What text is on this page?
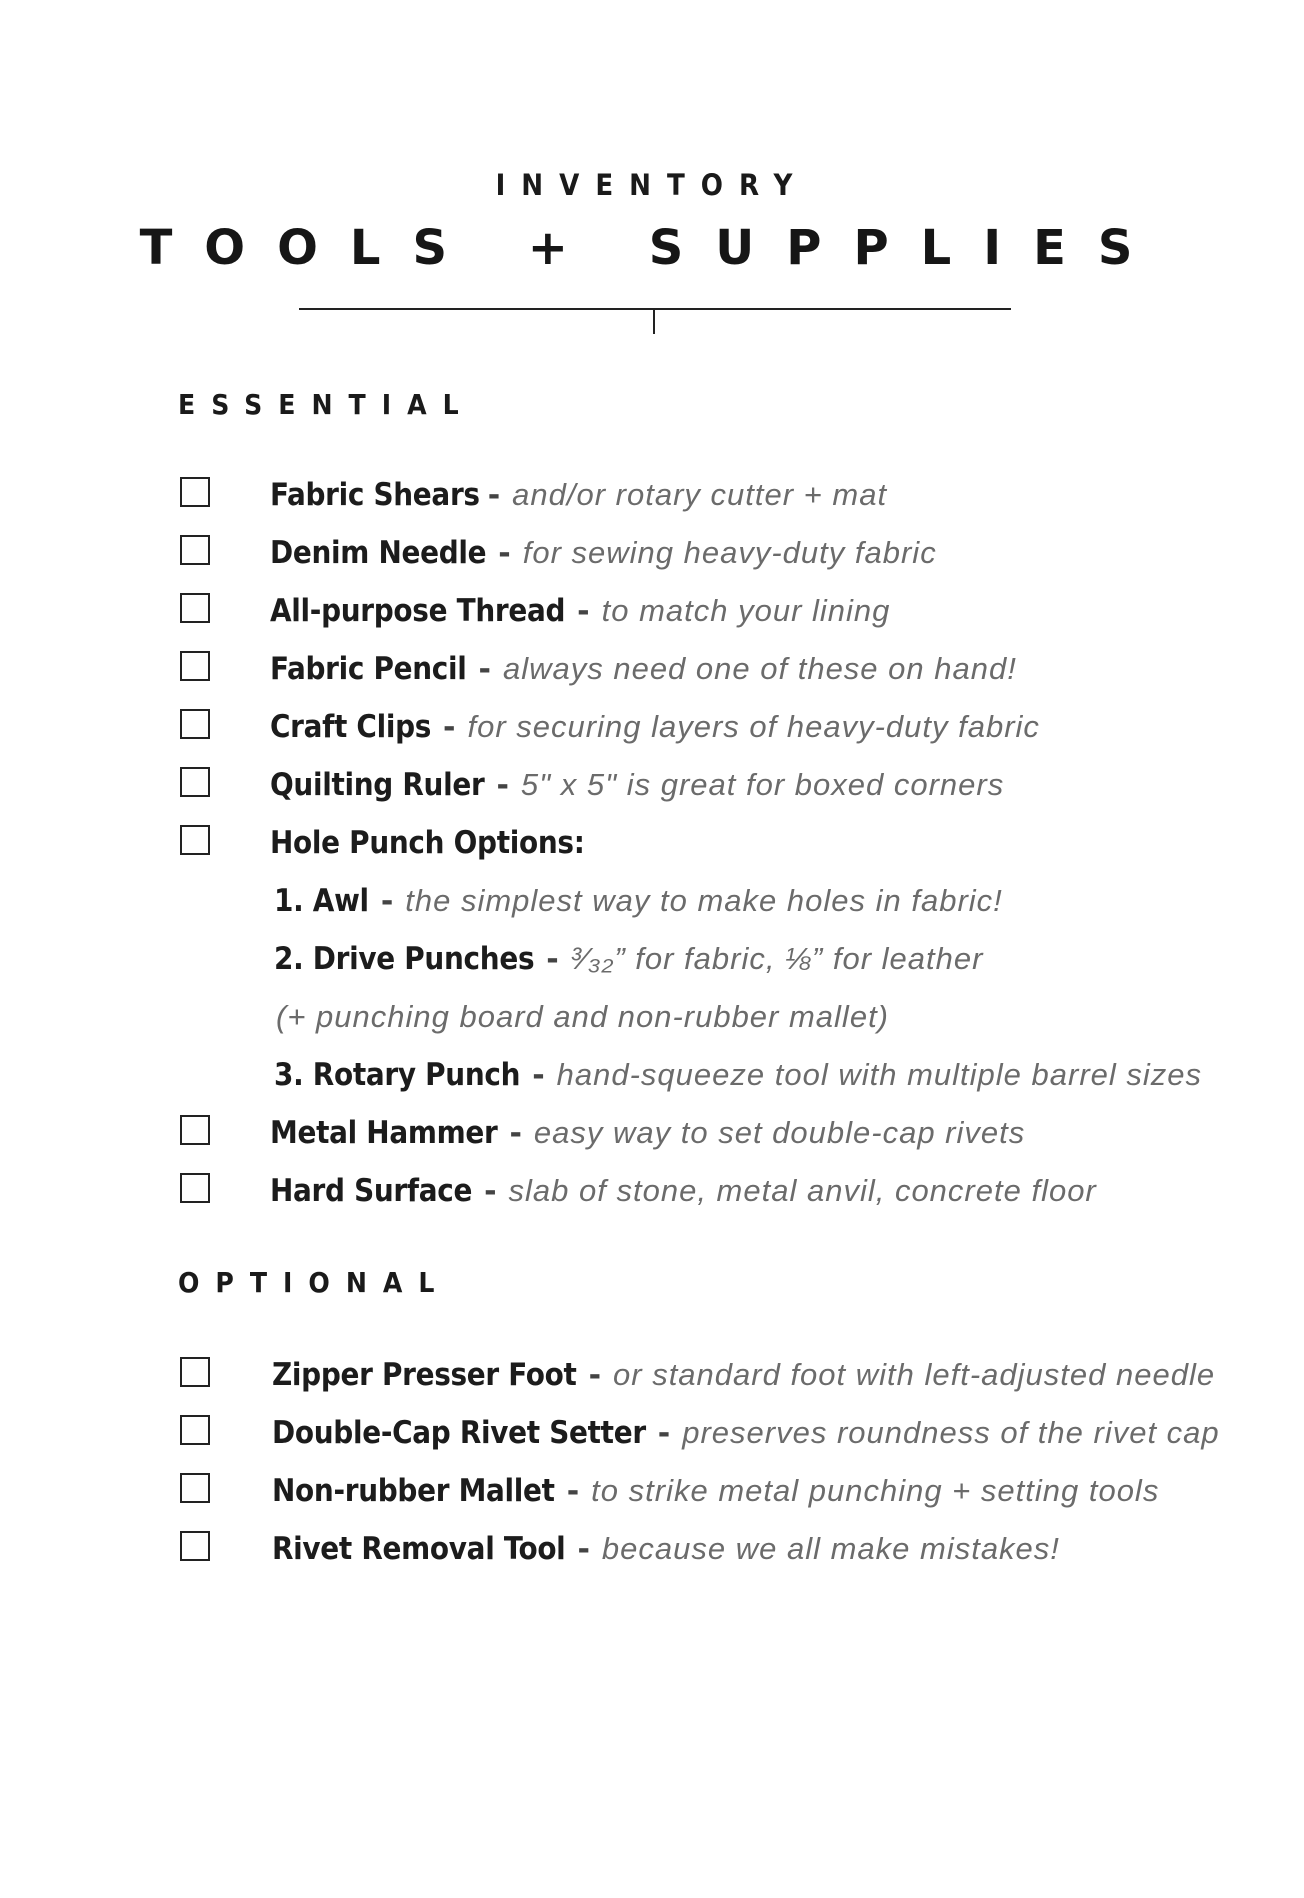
INVENTORY
TOOLS + SUPPLIES
ESSENTIAL
Fabric Shears - and/or rotary cutter + mat
Denim Needle - for sewing heavy-duty fabric
All-purpose Thread - to match your lining
Fabric Pencil - always need one of these on hand!
Craft Clips - for securing layers of heavy-duty fabric
Quilting Ruler - 5" x 5" is great for boxed corners
Hole Punch Options:
1. Awl - the simplest way to make holes in fabric!
2. Drive Punches - ³⁄₃₂” for fabric, ⅛” for leather
(+ punching board and non-rubber mallet)
3. Rotary Punch - hand-squeeze tool with multiple barrel sizes
Metal Hammer - easy way to set double-cap rivets
Hard Surface - slab of stone, metal anvil, concrete floor
OPTIONAL
Zipper Presser Foot - or standard foot with left-adjusted needle
Double-Cap Rivet Setter - preserves roundness of the rivet cap
Non-rubber Mallet - to strike metal punching + setting tools
Rivet Removal Tool - because we all make mistakes!
